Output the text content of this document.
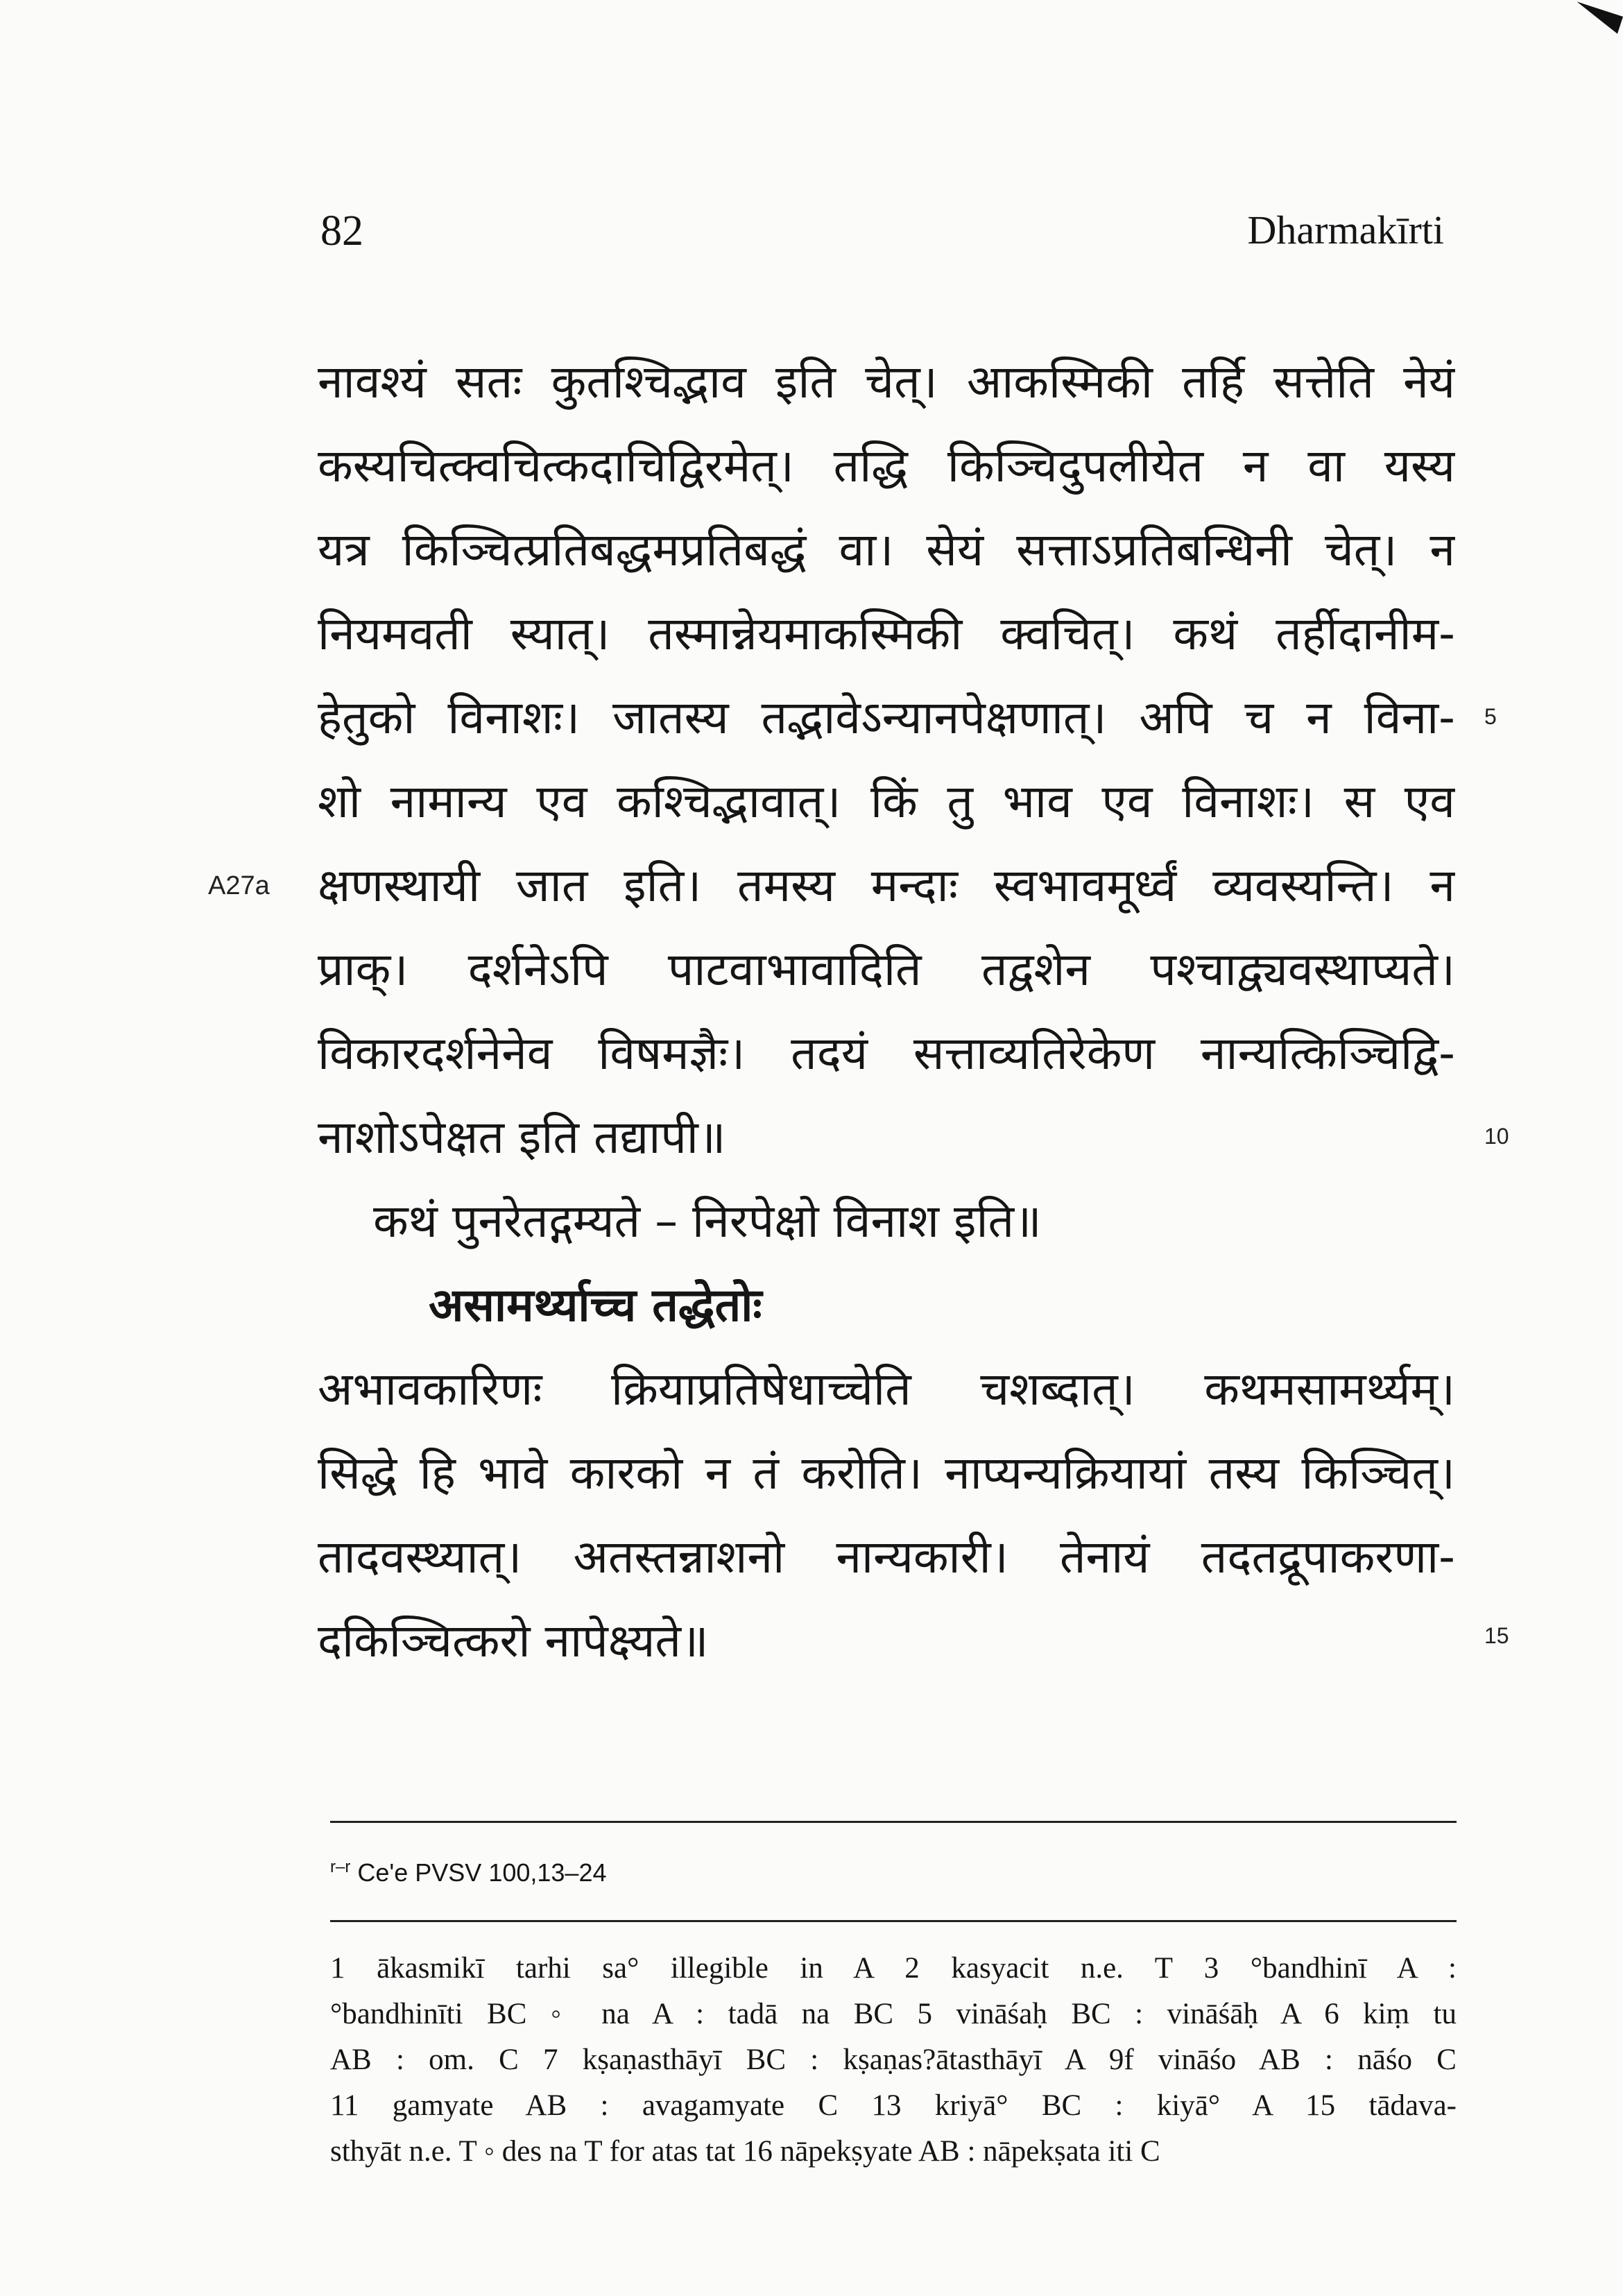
82	Dharmakīrti
नावश्यं सतः कुतश्चिद्भाव इति चेत्। आकस्मिकी तर्हि सत्तेति नेयं
कस्यचित्क्वचित्कदाचिद्विरमेत्। तद्धि किञ्चिदुपलीयेत न वा यस्य
यत्र किञ्चित्प्रतिबद्धमप्रतिबद्धं वा। सेयं सत्ताऽप्रतिबन्धिनी चेत्। न
नियमवती स्यात्। तस्मान्नेयमाकस्मिकी क्वचित्। कथं तर्हीदानीम-
हेतुको विनाशः। जातस्य तद्भावेऽन्यानपेक्षणात्। अपि च न विना-
शो नामान्य एव कश्चिद्भावात्। किं तु भाव एव विनाशः। स एव
क्षणस्थायी जात इति। तमस्य मन्दाः स्वभावमूर्ध्वं व्यवस्यन्ति। न
प्राक्। दर्शनेऽपि पाटवाभावादिति तद्वशेन पश्चाद्व्यवस्थाप्यते।
विकारदर्शनेनेव विषमज्ञैः। तदयं सत्ताव्यतिरेकेण नान्यत्किञ्चिद्वि-
नाशोऽपेक्षत इति तद्यापी॥
कथं पुनरेतद्गम्यते – निरपेक्षो विनाश इति॥
असामर्थ्याच्च तद्धेतोः
अभावकारिणः क्रियाप्रतिषेधाच्चेति चशब्दात्। कथमसामर्थ्यम्।
सिद्धे हि भावे कारको न तं करोति। नाप्यन्यक्रियायां तस्य किञ्चित्।
तादवस्थ्यात्। अतस्तन्नाशनो नान्यकारी। तेनायं तदतद्रूपाकरणा-
दकिञ्चित्करो नापेक्ष्यते॥
A27a
5
10
15
$^{r-r}$ Ce'e PVSV 100,13–24
1 ākasmikī tarhi sa° illegible in A 2 kasyacit n.e. T 3 °bandhinī A :
°bandhinīti BC ◦ na A : tadā na BC 5 vināśaḥ BC : vināśāḥ A 6 kiṃ tu
AB : om. C 7 kṣaṇasthāyī BC : kṣaṇas?ātasthāyī A 9f vināśo AB : nāśo C
11 gamyate AB : avagamyate C 13 kriyā° BC : kiyā° A 15 tādava-
sthyāt n.e. T ◦ des na T for atas tat 16 nāpekṣyate AB : nāpekṣata iti C
